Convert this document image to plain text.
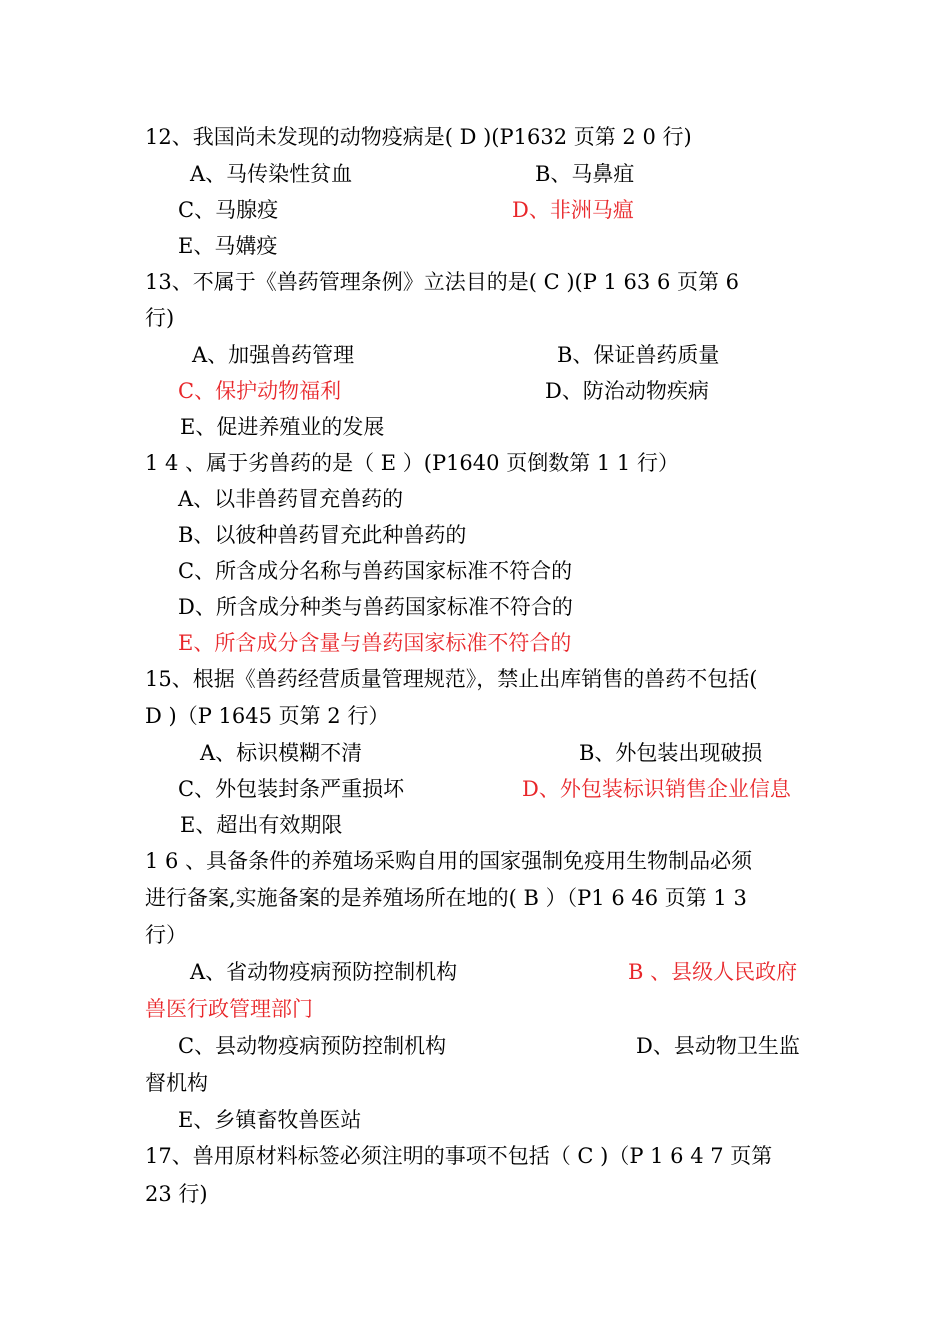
12、我国尚未发现的动物疫病是( D )(P1632 页第 2 0 行)
A、马传染性贫血	B、马鼻疽
C、马腺疫	D、非洲马瘟
E、马媾疫
13、不属于《兽药管理条例》立法目的是( C )(P 1 63 6 页第 6
行)
A、加强兽药管理	B、保证兽药质量
C、保护动物福利	D、防治动物疾病
E、促进养殖业的发展
1 4 、属于劣兽药的是（ E ）(P1640 页倒数第 1 1 行）
A、以非兽药冒充兽药的
B、以彼种兽药冒充此种兽药的
C、所含成分名称与兽药国家标准不符合的
D、所含成分种类与兽药国家标准不符合的
E、所含成分含量与兽药国家标准不符合的
15、根据《兽药经营质量管理规范》，禁止出库销售的兽药不包括(
D )（P 1645 页第 2 行）
A、标识模糊不清	B、外包装出现破损
C、外包装封条严重损坏	D、外包装标识销售企业信息
E、超出有效期限
1 6 、具备条件的养殖场采购自用的国家强制免疫用生物制品必须
进行备案,实施备案的是养殖场所在地的( B ）（P1 6 46 页第 1 3
行）
A、省动物疫病预防控制机构	B 、县级人民政府
兽医行政管理部门
C、县动物疫病预防控制机构	D、县动物卫生监
督机构
E、乡镇畜牧兽医站
17、兽用原材料标签必须注明的事项不包括（ C )（P 1 6 4 7 页第
23 行)
